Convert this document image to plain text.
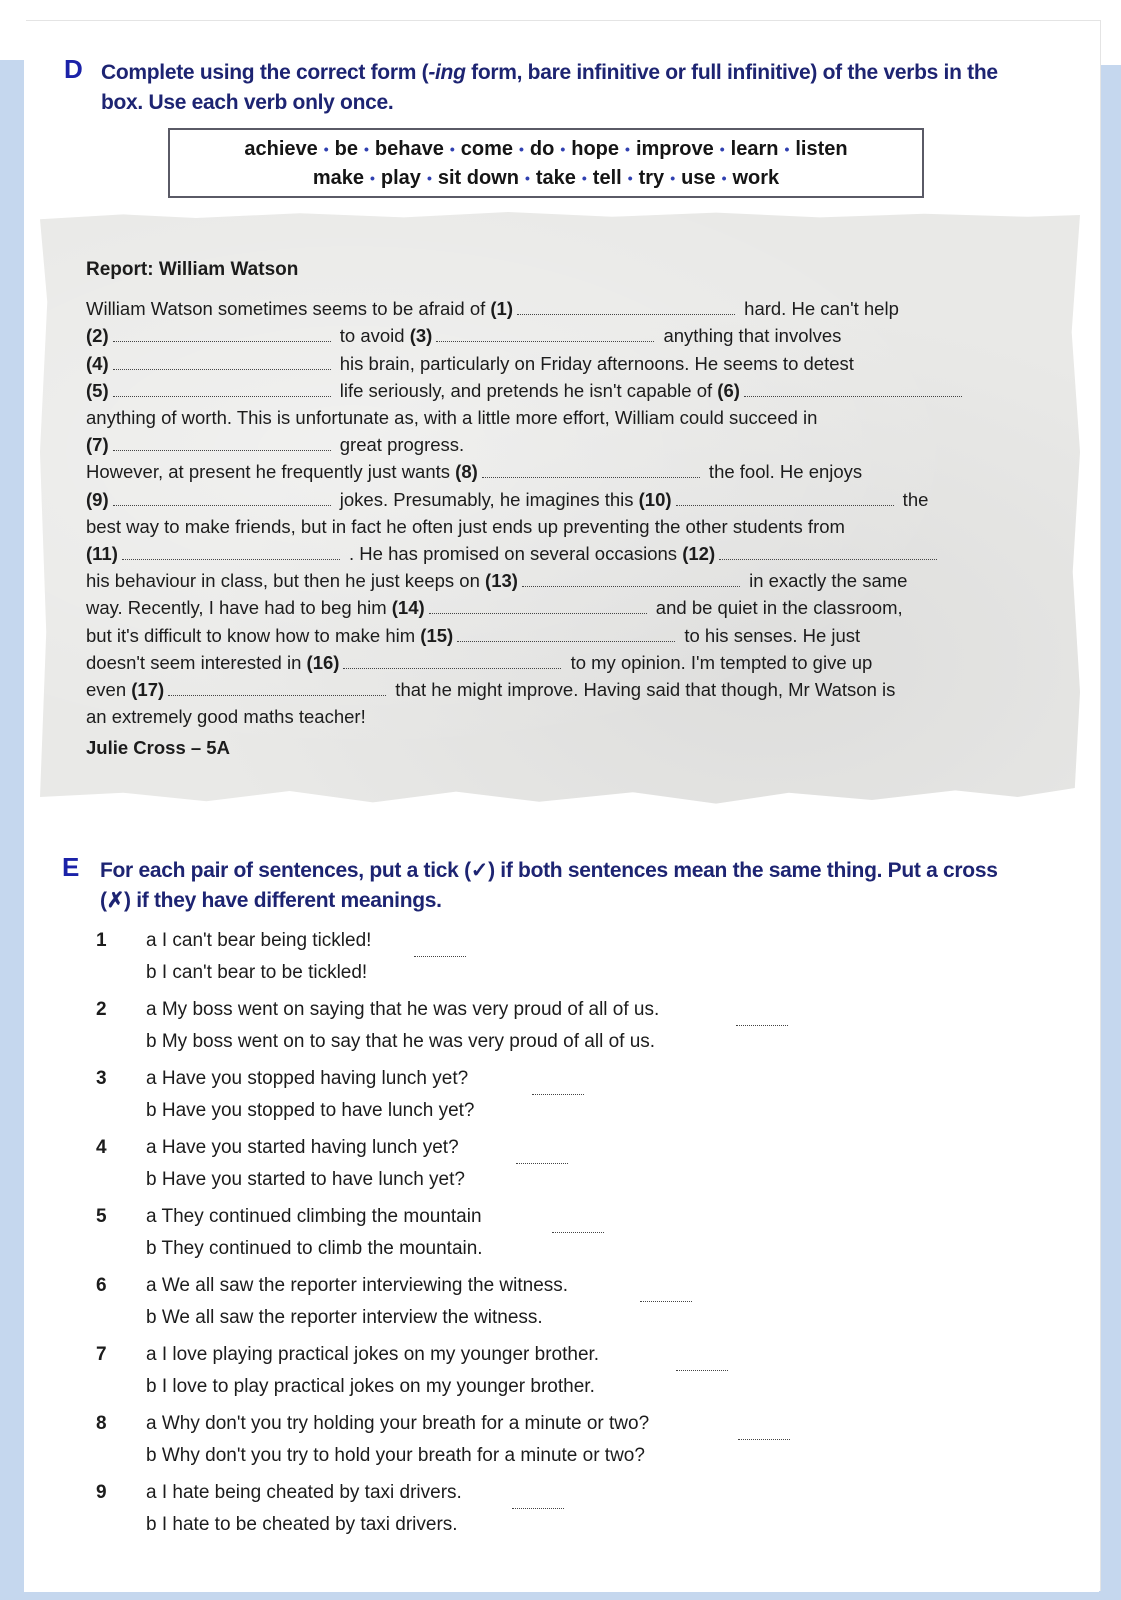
D Complete using the correct form (-ing form, bare infinitive or full infinitive) of the verbs in the
box. Use each verb only once.
achieve • be • behave • come • do • hope • improve • learn • listen
make • play • sit down • take • tell • try • use • work
Report: William Watson
William Watson sometimes seems to be afraid of (1)	hard. He can't help
(2)	to avoid (3)	anything that involves
(4)	his brain, particularly on Friday afternoons. He seems to detest
(5)	life seriously, and pretends he isn't capable of (6)
anything of worth. This is unfortunate as, with a little more effort, William could succeed in
(7)	great progress.
However, at present he frequently just wants (8)	the fool. He enjoys
(9)	jokes. Presumably, he imagines this (10)	the
best way to make friends, but in fact he often just ends up preventing the other students from
(11)	. He has promised on several occasions (12)
his behaviour in class, but then he just keeps on (13)	in exactly the same
way. Recently, I have had to beg him (14)	and be quiet in the classroom,
but it's difficult to know how to make him (15)	to his senses. He just
doesn't seem interested in (16)	to my opinion. I'm tempted to give up
even (17)	that he might improve. Having said that though, Mr Watson is
an extremely good maths teacher!
Julie Cross – 5A
E For each pair of sentences, put a tick (✓) if both sentences mean the same thing. Put a cross
(✗) if they have different meanings.
1 a I can't bear being tickled!
b I can't bear to be tickled!
2 a My boss went on saying that he was very proud of all of us.
b My boss went on to say that he was very proud of all of us.
3 a Have you stopped having lunch yet?
b Have you stopped to have lunch yet?
4 a Have you started having lunch yet?
b Have you started to have lunch yet?
5 a They continued climbing the mountain
b They continued to climb the mountain.
6 a We all saw the reporter interviewing the witness.
b We all saw the reporter interview the witness.
7 a I love playing practical jokes on my younger brother.
b I love to play practical jokes on my younger brother.
8 a Why don't you try holding your breath for a minute or two?
b Why don't you try to hold your breath for a minute or two?
9 a I hate being cheated by taxi drivers.
b I hate to be cheated by taxi drivers.
